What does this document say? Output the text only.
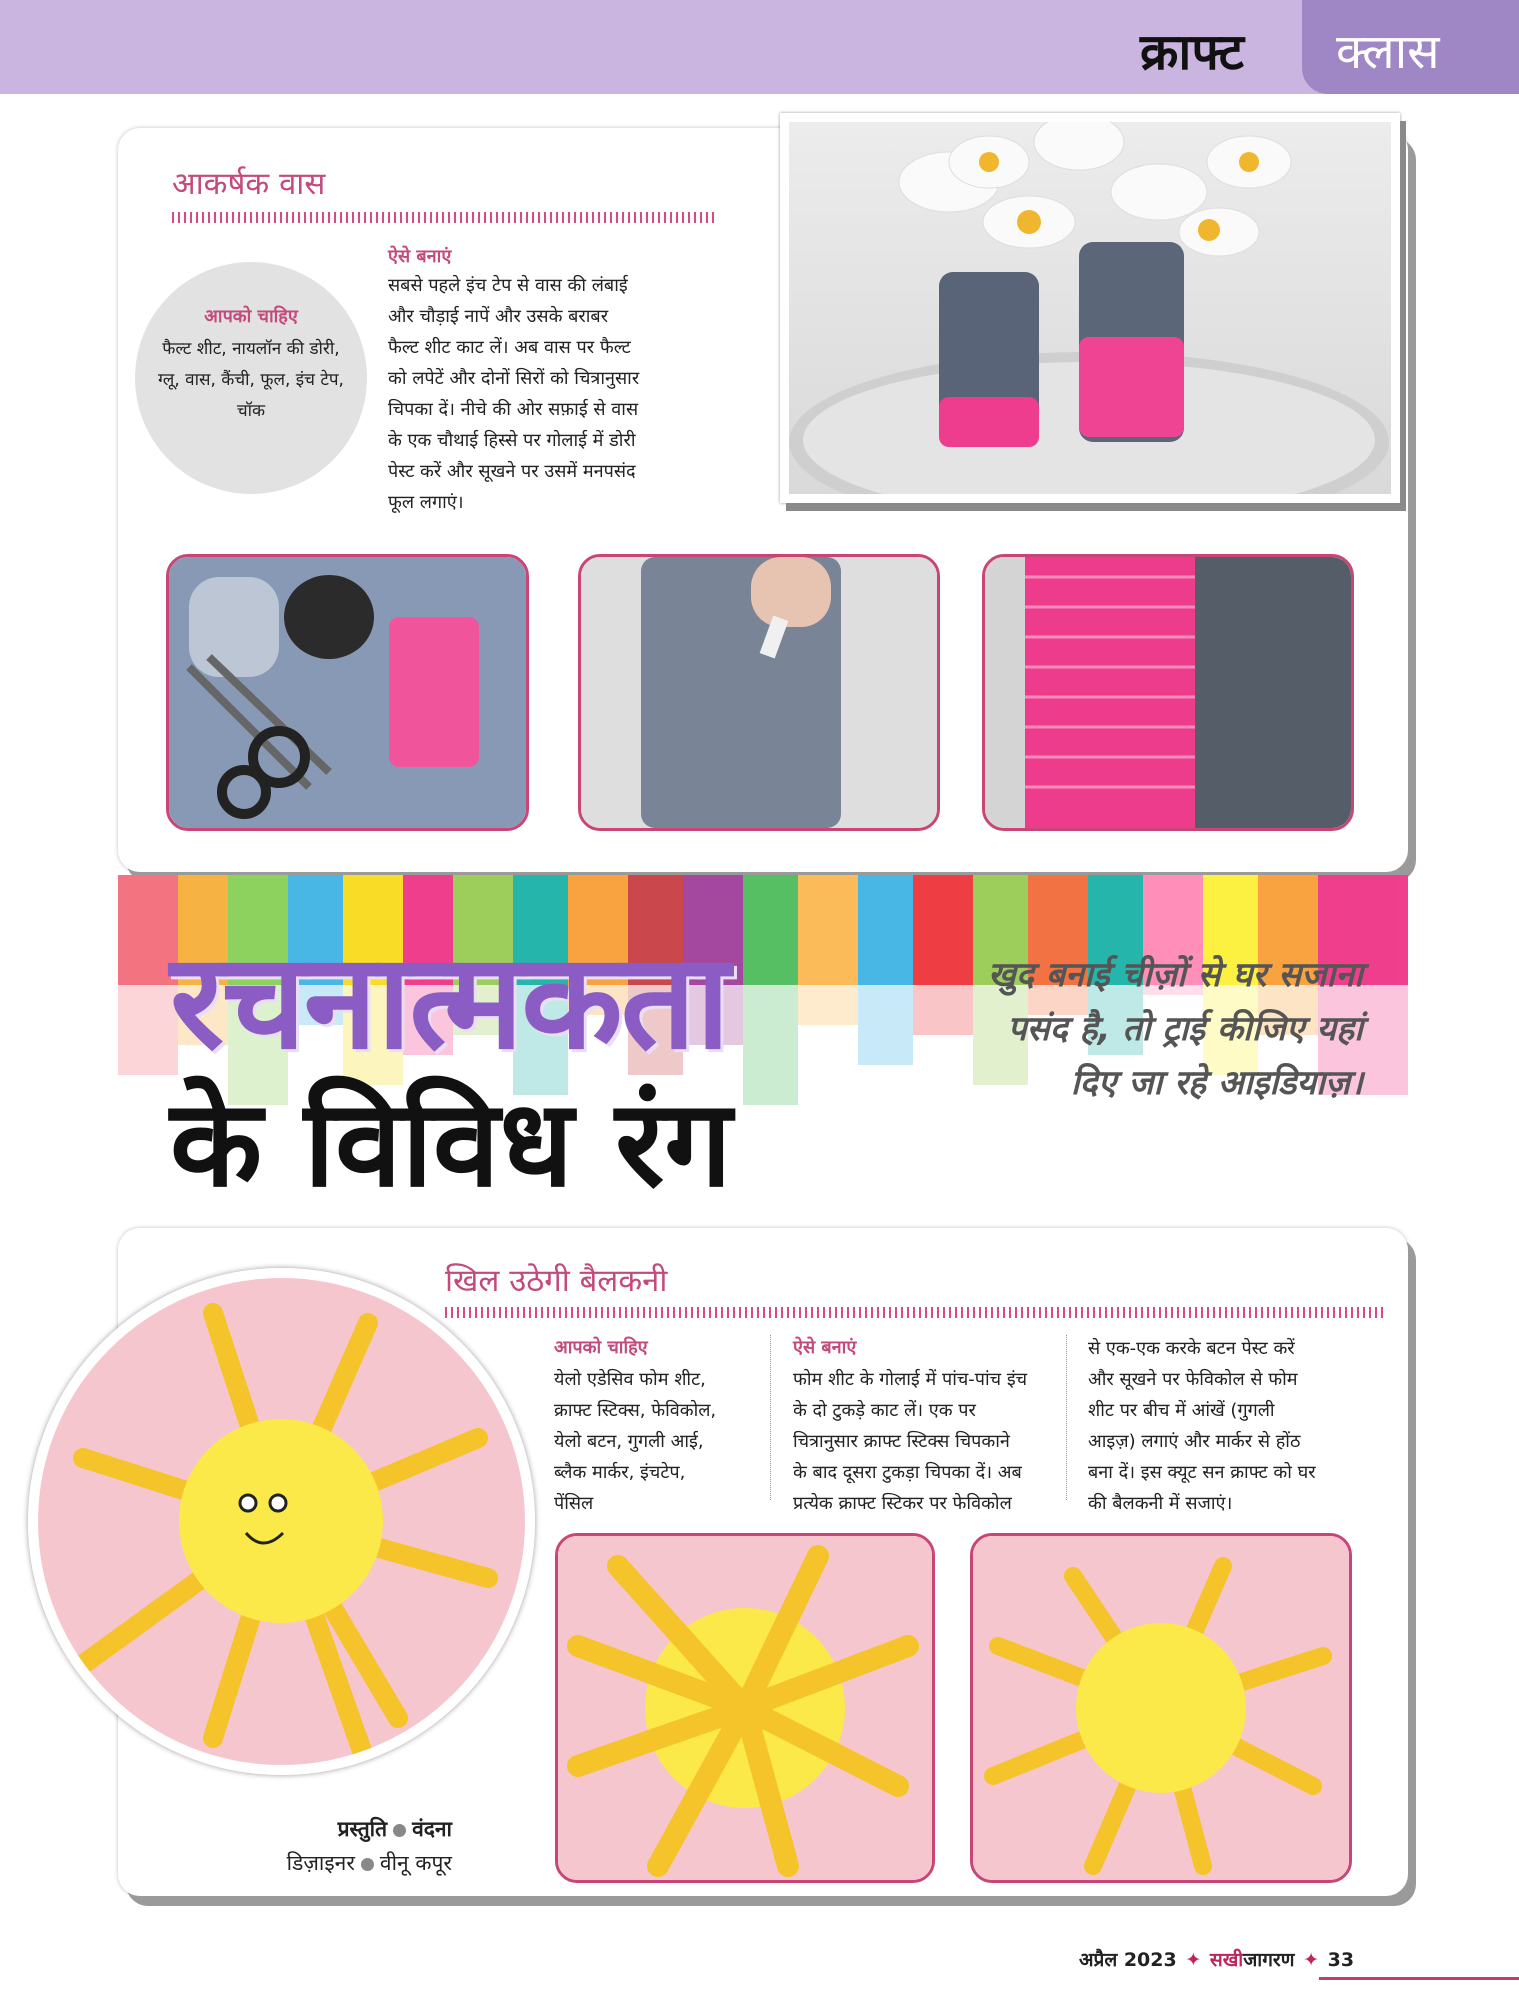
क्राफ्ट क्लास
आकर्षक वास
आपको चाहिए
फैल्ट शीट, नायलॉन की डोरी, ग्लू, वास, कैंची, फूल, इंच टेप, चॉक
ऐसे बनाएं
सबसे पहले इंच टेप से वास की लंबाई
और चौड़ाई नापें और उसके बराबर
फैल्ट शीट काट लें। अब वास पर फैल्ट
को लपेटें और दोनों सिरों को चित्रानुसार
चिपका दें। नीचे की ओर सफ़ाई से वास
के एक चौथाई हिस्से पर गोलाई में डोरी
पेस्ट करें और सूखने पर उसमें मनपसंद
फूल लगाएं।
रचनात्मकता
के विविध रंग
खुद बनाई चीज़ों से घर सजाना पसंद है, तो ट्राई कीजिए यहां दिए जा रहे आइडियाज़।
खिल उठेगी बैलकनी
आपको चाहिए
येलो एडेसिव फोम शीट,
क्राफ्ट स्टिक्स, फेविकोल,
येलो बटन, गुगली आई,
ब्लैक मार्कर, इंचटेप,
पेंसिल
ऐसे बनाएं
फोम शीट के गोलाई में पांच-पांच इंच
के दो टुकड़े काट लें। एक पर
चित्रानुसार क्राफ्ट स्टिक्स चिपकाने
के बाद दूसरा टुकड़ा चिपका दें। अब
प्रत्येक क्राफ्ट स्टिकर पर फेविकोल
से एक-एक करके बटन पेस्ट करें
और सूखने पर फेविकोल से फोम
शीट पर बीच में आंखें (गुगली
आइज़) लगाएं और मार्कर से होंठ
बना दें। इस क्यूट सन क्राफ्ट को घर
की बैलकनी में सजाएं।
प्रस्तुति वंदना
डिज़ाइनर वीनू कपूर
अप्रैल 2023 ✦ सखीजागरण ✦ 33
